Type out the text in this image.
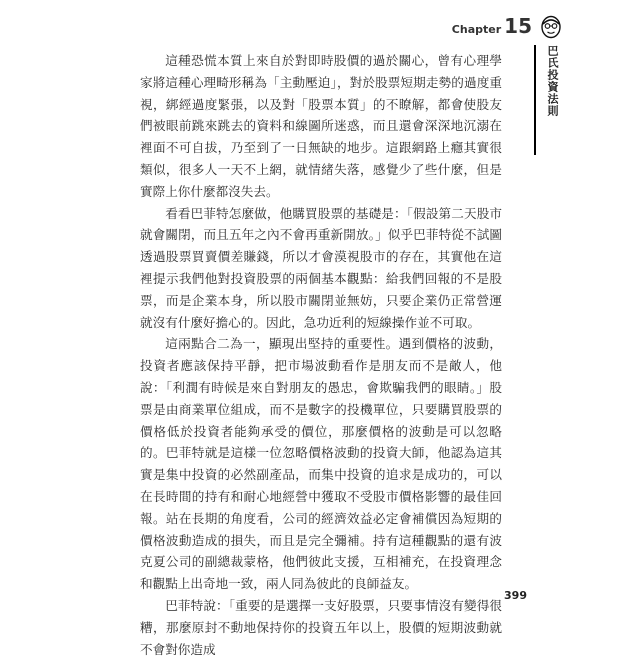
Chapter 15
巴氏投資法則

這種恐慌本質上來自於對即時股價的過於關心，曾有心理學家將這種心理畸形稱為「主動壓迫」，對於股票短期走勢的過度重視，綁經過度緊張，以及對「股票本質」的不瞭解，都會使股友們被眼前跳來跳去的資料和線圖所迷惑，而且還會深深地沉溺在裡面不可自拔，乃至到了一日無缺的地步。這跟網路上癮其實很類似，很多人一天不上網，就情緒失落，感覺少了些什麼，但是實際上你什麼都沒失去。

看看巴菲特怎麼做，他購買股票的基礎是：「假設第二天股市就會關閉，而且五年之內不會再重新開放。」似乎巴菲特從不試圖透過股票買賣價差賺錢，所以才會漠視股市的存在，其實他在這裡提示我們他對投資股票的兩個基本觀點：給我們回報的不是股票，而是企業本身，所以股市關閉並無妨，只要企業仍正常營運就沒有什麼好擔心的。因此，急功近利的短線操作並不可取。

這兩點合二為一，顯現出堅持的重要性。遇到價格的波動，投資者應該保持平靜，把市場波動看作是朋友而不是敵人，他說：「利潤有時候是來自對朋友的愚忠，會欺騙我們的眼睛。」股票是由商業單位組成，而不是數字的投機單位，只要購買股票的價格低於投資者能夠承受的價位，那麼價格的波動是可以忽略的。巴菲特就是這樣一位忽略價格波動的投資大師，他認為這其實是集中投資的必然副產品，而集中投資的追求是成功的，可以在長時間的持有和耐心地經營中獲取不受股市價格影響的最佳回報。站在長期的角度看，公司的經濟效益必定會補償因為短期的價格波動造成的損失，而且是完全彌補。持有這種觀點的還有波克夏公司的副總裁蒙格，他們彼此支援，互相補充，在投資理念和觀點上出奇地一致，兩人同為彼此的良師益友。

巴菲特說：「重要的是選擇一支好股票，只要事情沒有變得很糟，那麼原封不動地保持你的投資五年以上，股價的短期波動就不會對你造成

399
